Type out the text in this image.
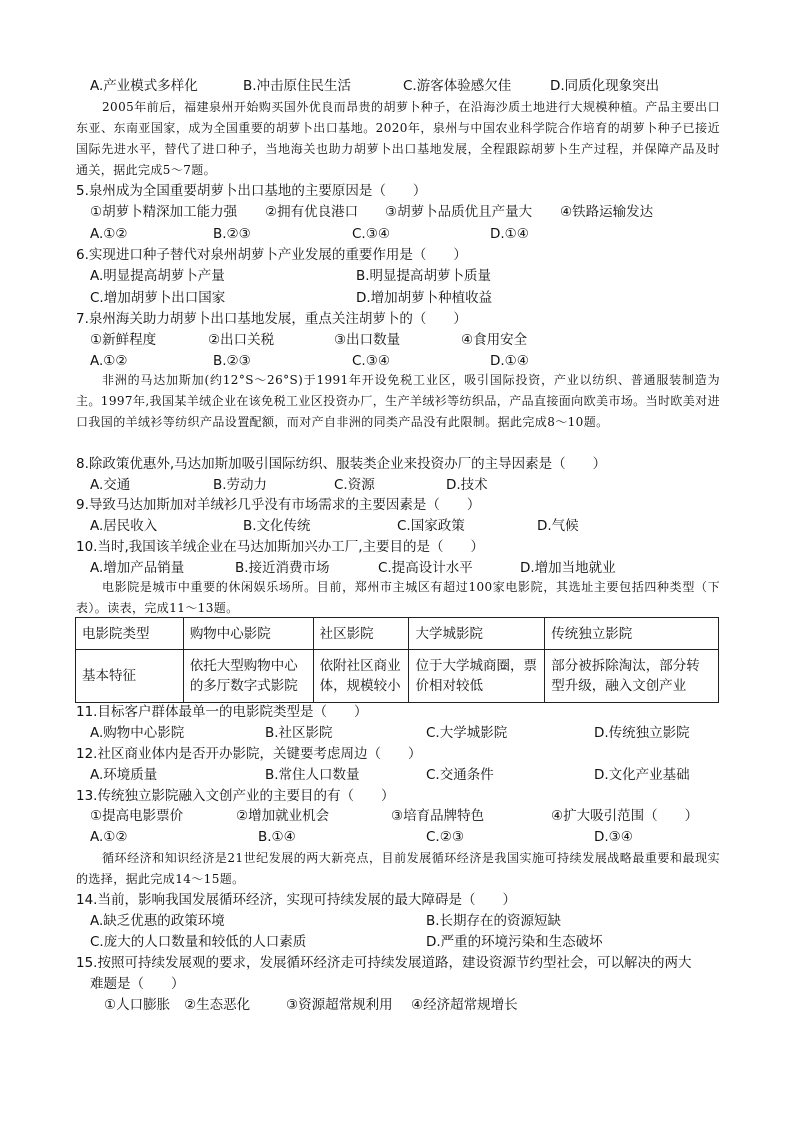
A.产业模式多样化	B.冲击原住民生活	C.游客体验感欠佳	D.同质化现象突出
2005年前后，福建泉州开始购买国外优良而昂贵的胡萝卜种子，在沿海沙质土地进行大规模种植。产品主要出口东亚、东南亚国家，成为全国重要的胡萝卜出口基地。2020年，泉州与中国农业科学院合作培育的胡萝卜种子已接近国际先进水平，替代了进口种子，当地海关也助力胡萝卜出口基地发展，全程跟踪胡萝卜生产过程，并保障产品及时通关，据此完成5～7题。
5.泉州成为全国重要胡萝卜出口基地的主要原因是（　　）
①胡萝卜精深加工能力强 ②拥有优良港口 ③胡萝卜品质优且产量大 ④铁路运输发达
A.①②	B.②③	C.③④	D.①④
6.实现进口种子替代对泉州胡萝卜产业发展的重要作用是（　　）
A.明显提高胡萝卜产量	B.明显提高胡萝卜质量
C.增加胡萝卜出口国家	D.增加胡萝卜种植收益
7.泉州海关助力胡萝卜出口基地发展，重点关注胡萝卜的（　　）
①新鲜程度	②出口关税	③出口数量	④食用安全
A.①②	B.②③	C.③④	D.①④
非洲的马达加斯加(约12°S～26°S)于1991年开设免税工业区，吸引国际投资，产业以纺织、普通服装制造为主。1997年,我国某羊绒企业在该免税工业区投资办厂，生产羊绒衫等纺织品，产品直接面向欧美市场。当时欧美对进口我国的羊绒衫等纺织产品设置配额，而对产自非洲的同类产品没有此限制。据此完成8～10题。
8.除政策优惠外,马达加斯加吸引国际纺织、服装类企业来投资办厂的主导因素是（　　）
A.交通	B.劳动力	C.资源	D.技术
9.导致马达加斯加对羊绒衫几乎没有市场需求的主要因素是（　　）
A.居民收入	B.文化传统	C.国家政策	D.气候
10.当时,我国该羊绒企业在马达加斯加兴办工厂,主要目的是（　　）
A.增加产品销量	B.接近消费市场	C.提高设计水平	D.增加当地就业
电影院是城市中重要的休闲娱乐场所。目前，郑州市主城区有超过100家电影院，其选址主要包括四种类型（下表）。读表，完成11～13题。
电影院类型	购物中心影院	社区影院	大学城影院	传统独立影院
基本特征	依托大型购物中心的多厅数字式影院	依附社区商业体，规模较小	位于大学城商圈，票价相对较低	部分被拆除淘汰，部分转型升级，融入文创产业
11.目标客户群体最单一的电影院类型是（　　）
A.购物中心影院	B.社区影院	C.大学城影院	D.传统独立影院
12.社区商业体内是否开办影院，关键要考虑周边（　　）
A.环境质量	B.常住人口数量	C.交通条件	D.文化产业基础
13.传统独立影院融入文创产业的主要目的有（　　）
①提高电影票价	②增加就业机会	③培育品牌特色	④扩大吸引范围（　　）
A.①②	B.①④	C.②③	D.③④
循环经济和知识经济是21世纪发展的两大新亮点，目前发展循环经济是我国实施可持续发展战略最重要和最现实的选择，据此完成14～15题。
14.当前，影响我国发展循环经济，实现可持续发展的最大障碍是（　　）
A.缺乏优惠的政策环境	B.长期存在的资源短缺
C.庞大的人口数量和较低的人口素质	D.严重的环境污染和生态破坏
15.按照可持续发展观的要求，发展循环经济走可持续发展道路，建设资源节约型社会，可以解决的两大
难题是（　　）
①人口膨胀 ②生态恶化	③资源超常规利用 ④经济超常规增长
